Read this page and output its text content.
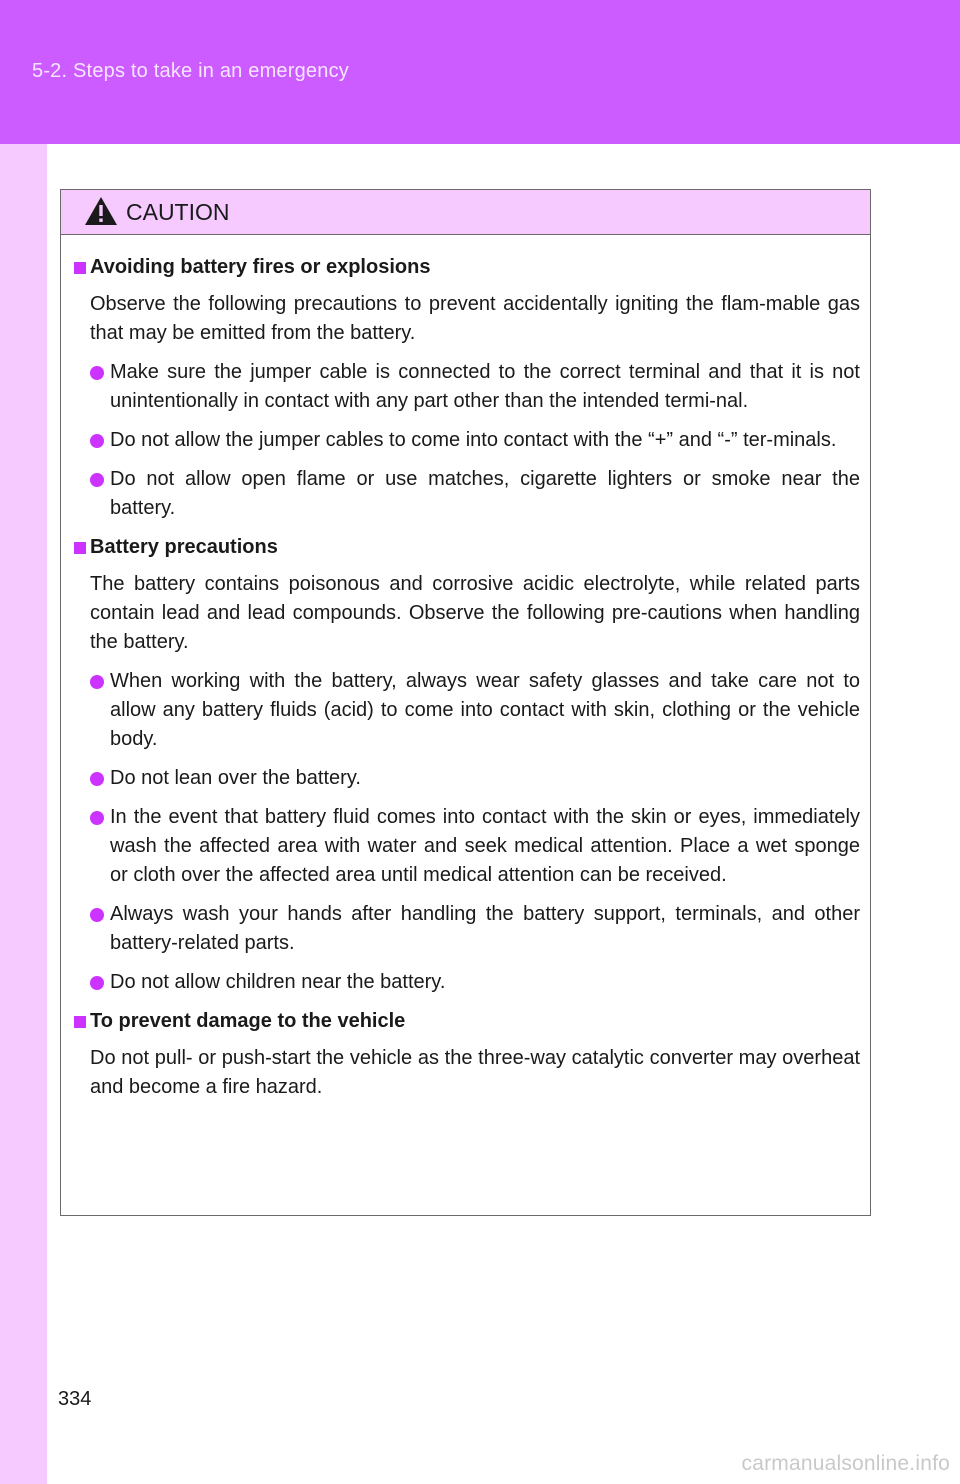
5-2. Steps to take in an emergency
CAUTION
Avoiding battery fires or explosions
Observe the following precautions to prevent accidentally igniting the flam-mable gas that may be emitted from the battery.
Make sure the jumper cable is connected to the correct terminal and that it is not unintentionally in contact with any part other than the intended termi-nal.
Do not allow the jumper cables to come into contact with the “+” and “-” ter-minals.
Do not allow open flame or use matches, cigarette lighters or smoke near the battery.
Battery precautions
The battery contains poisonous and corrosive acidic electrolyte, while related parts contain lead and lead compounds. Observe the following pre-cautions when handling the battery.
When working with the battery, always wear safety glasses and take care not to allow any battery fluids (acid) to come into contact with skin, clothing or the vehicle body.
Do not lean over the battery.
In the event that battery fluid comes into contact with the skin or eyes, immediately wash the affected area with water and seek medical attention. Place a wet sponge or cloth over the affected area until medical attention can be received.
Always wash your hands after handling the battery support, terminals, and other battery-related parts.
Do not allow children near the battery.
To prevent damage to the vehicle
Do not pull- or push-start the vehicle as the three-way catalytic converter may overheat and become a fire hazard.
334
carmanualsonline.info
